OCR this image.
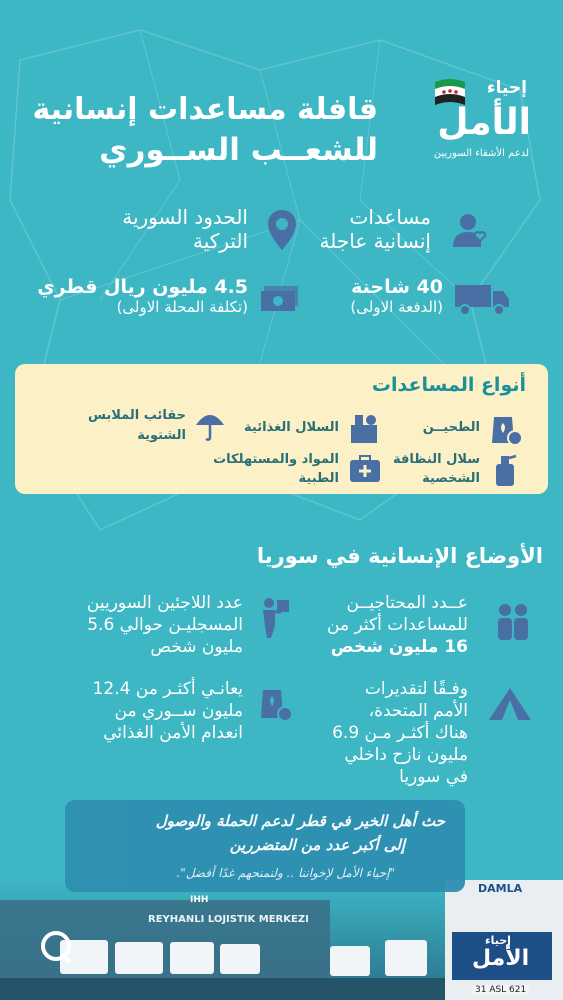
إحياء
الأمل
لدعم الأشقاء السوريين
قافلة مساعدات إنسانية
للشعــب الســوري
مساعدات
إنسانية عاجلة
الحدود السورية
التركية
40 شاحنة
(الدفعة الاولى)
4.5 مليون ريال قطري
(تكلفة المحلة الاولى)
أنواع المساعدات
الطحيــن
السلال الغذائية
حقائب الملابس
الشتوية
سلال النظافة
الشخصية
المواد والمستهلكات
الطبية
الأوضاع الإنسانية في سوريا
عــدد المحتاجيــن
للمساعدات أكثر من
16 مليون شخص
عدد اللاجئين السوريين
المسجليـن حوالي 5.6
مليون شخص
وفـقًا لتقديرات
الأمم المتحدة،
هناك أكثـر مـن 6.9
مليون نازح داخلي
في سوريا
يعانـي أكثـر من 12.4
مليون ســوري من
انعدام الأمن الغذائي
REYHANLI LOJISTIK MERKEZI
IHH
DAMLA
إحياء
الأمل
31 ASL 621
حث أهل الخير في قطر لدعم الحملة والوصول
إلى أكبر عدد من المتضررين
"إحياء الأمل لإخواننا .. ولنمنحهم غدًا أفضل".
